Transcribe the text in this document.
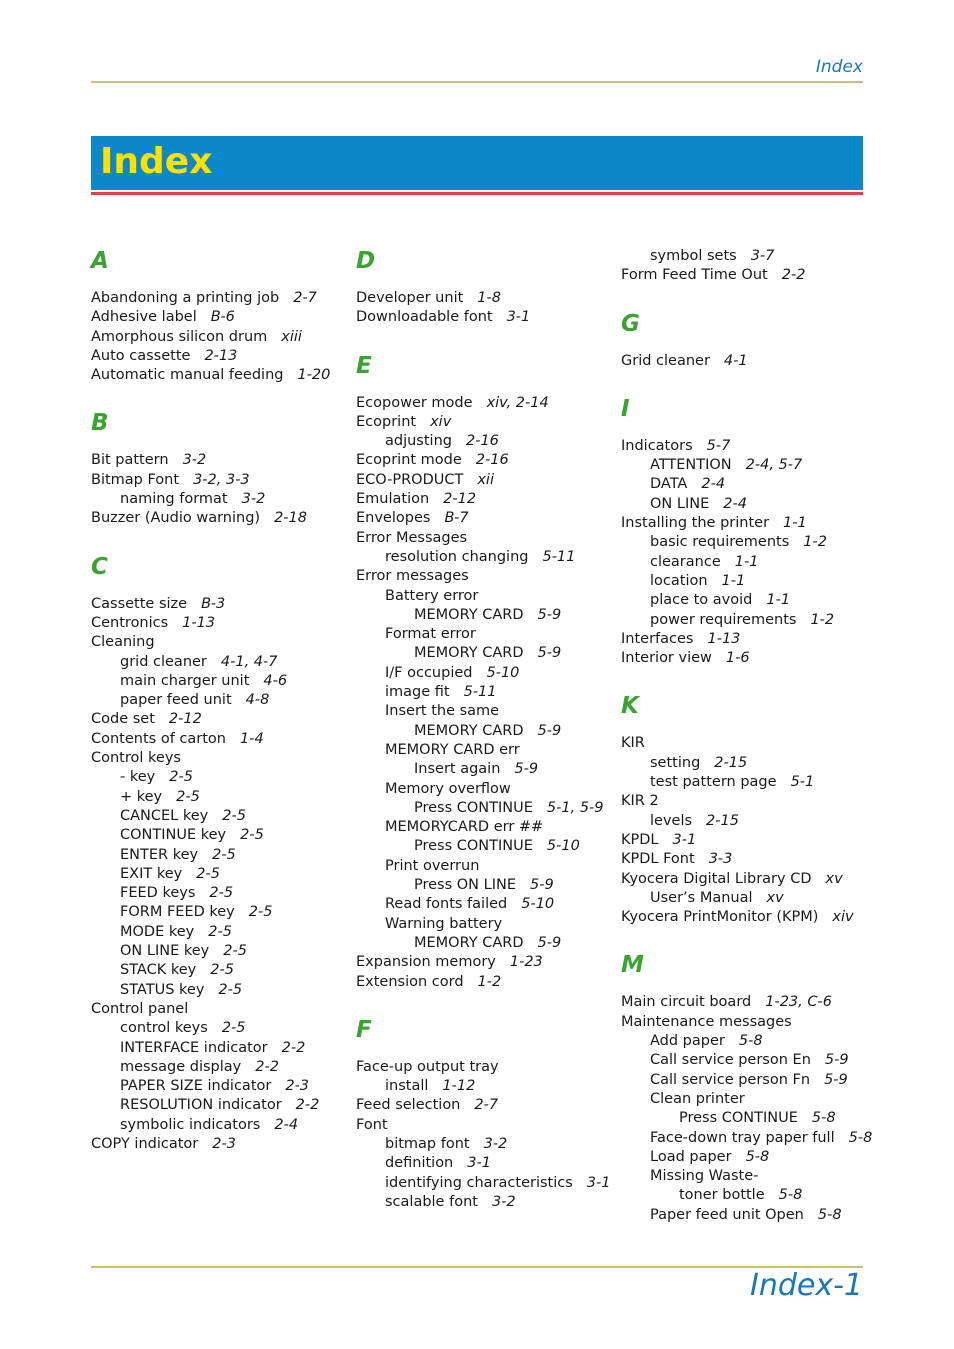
Index
Index
A
Abandoning a printing job 2-7
Adhesive label B-6
Amorphous silicon drum xiii
Auto cassette 2-13
Automatic manual feeding 1-20
B
Bit pattern 3-2
Bitmap Font 3-2, 3-3
naming format 3-2
Buzzer (Audio warning) 2-18
C
Cassette size B-3
Centronics 1-13
Cleaning
grid cleaner 4-1, 4-7
main charger unit 4-6
paper feed unit 4-8
Code set 2-12
Contents of carton 1-4
Control keys
- key 2-5
+ key 2-5
CANCEL key 2-5
CONTINUE key 2-5
ENTER key 2-5
EXIT key 2-5
FEED keys 2-5
FORM FEED key 2-5
MODE key 2-5
ON LINE key 2-5
STACK key 2-5
STATUS key 2-5
Control panel
control keys 2-5
INTERFACE indicator 2-2
message display 2-2
PAPER SIZE indicator 2-3
RESOLUTION indicator 2-2
symbolic indicators 2-4
COPY indicator 2-3
D
Developer unit 1-8
Downloadable font 3-1
E
Ecopower mode xiv, 2-14
Ecoprint xiv
adjusting 2-16
Ecoprint mode 2-16
ECO-PRODUCT xii
Emulation 2-12
Envelopes B-7
Error Messages
resolution changing 5-11
Error messages
Battery error
MEMORY CARD 5-9
Format error
MEMORY CARD 5-9
I/F occupied 5-10
image fit 5-11
Insert the same
MEMORY CARD 5-9
MEMORY CARD err
Insert again 5-9
Memory overflow
Press CONTINUE 5-1, 5-9
MEMORYCARD err ##
Press CONTINUE 5-10
Print overrun
Press ON LINE 5-9
Read fonts failed 5-10
Warning battery
MEMORY CARD 5-9
Expansion memory 1-23
Extension cord 1-2
F
Face-up output tray
install 1-12
Feed selection 2-7
Font
bitmap font 3-2
definition 3-1
identifying characteristics 3-1
scalable font 3-2
symbol sets 3-7
Form Feed Time Out 2-2
G
Grid cleaner 4-1
I
Indicators 5-7
ATTENTION 2-4, 5-7
DATA 2-4
ON LINE 2-4
Installing the printer 1-1
basic requirements 1-2
clearance 1-1
location 1-1
place to avoid 1-1
power requirements 1-2
Interfaces 1-13
Interior view 1-6
K
KIR
setting 2-15
test pattern page 5-1
KIR 2
levels 2-15
KPDL 3-1
KPDL Font 3-3
Kyocera Digital Library CD xv
User’s Manual xv
Kyocera PrintMonitor (KPM) xiv
M
Main circuit board 1-23, C-6
Maintenance messages
Add paper 5-8
Call service person En 5-9
Call service person Fn 5-9
Clean printer
Press CONTINUE 5-8
Face-down tray paper full 5-8
Load paper 5-8
Missing Waste-
toner bottle 5-8
Paper feed unit Open 5-8
Index-1
